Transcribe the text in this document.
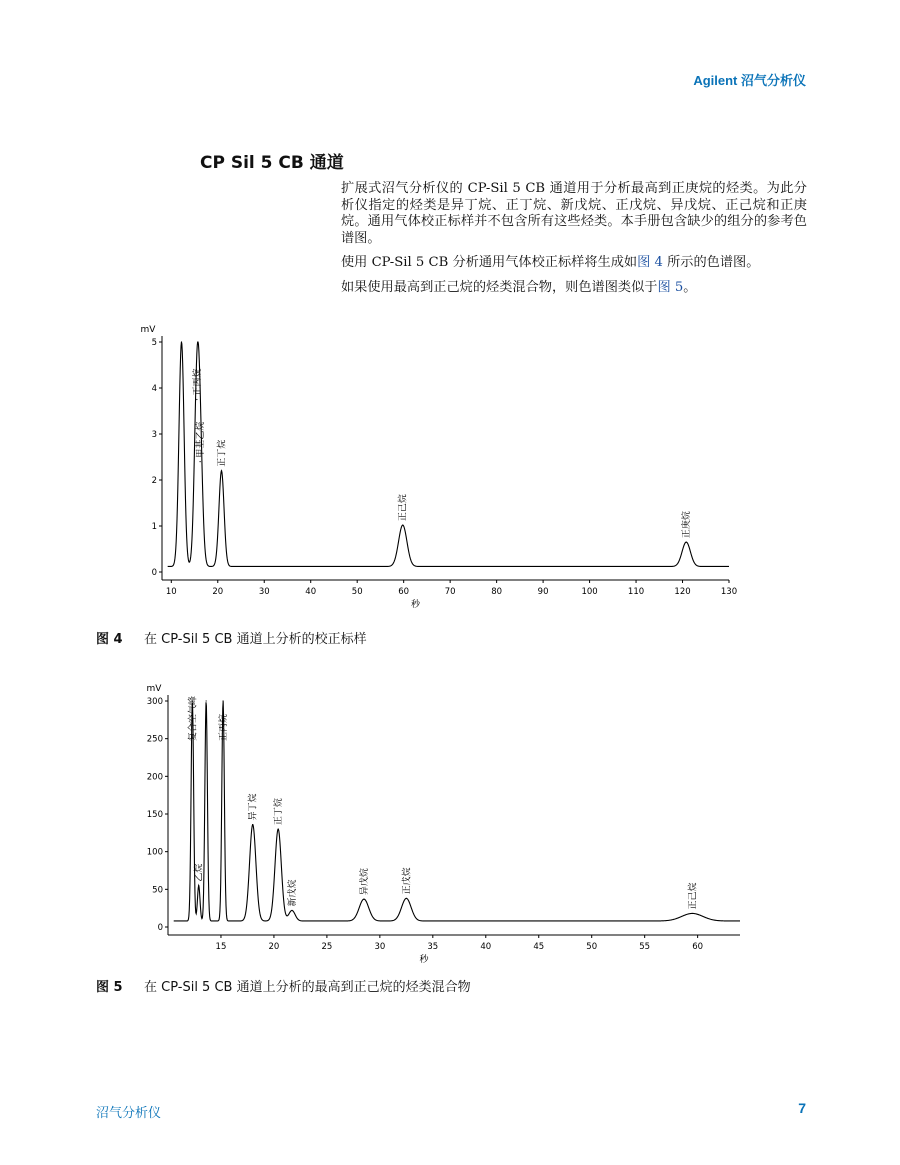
Agilent 沼气分析仪
CP Sil 5 CB 通道

扩展式沼气分析仪的 CP-Sil 5 CB 通道用于分析最高到正庚烷的烃类。为此分析仪指定的烃类是异丁烷、正丁烷、新戊烷、正戊烷、异戊烷、正己烷和正庚烷。通用气体校正标样并不包含所有这些烃类。本手册包含缺少的组分的参考色谱图。

使用 CP-Sil 5 CB 分析通用气体校正标样将生成如图 4 所示的色谱图。

如果使用最高到正己烷的烃类混合物，则色谱图类似于图 5。

mV
0
1
2
3
4
5
10	20	30	40	50	60	70	80	90	100	110	120	130
秒
正丙烷
甲基乙烷 正丁烷
正己烷
正庚烷
图 4 在 CP-Sil 5 CB 通道上分析的校正标样
mV
0
50
100
150
200
250
300
15	20	25	30	35	40	45	50	55	60
秒
复合空气峰
乙烷
正丙烷
异丁烷 正丁烷
新戊烷	异戊烷	正戊烷
正己烷
图 5 在 CP-Sil 5 CB 通道上分析的最高到正己烷的烃类混合物
沼气分析仪	7
